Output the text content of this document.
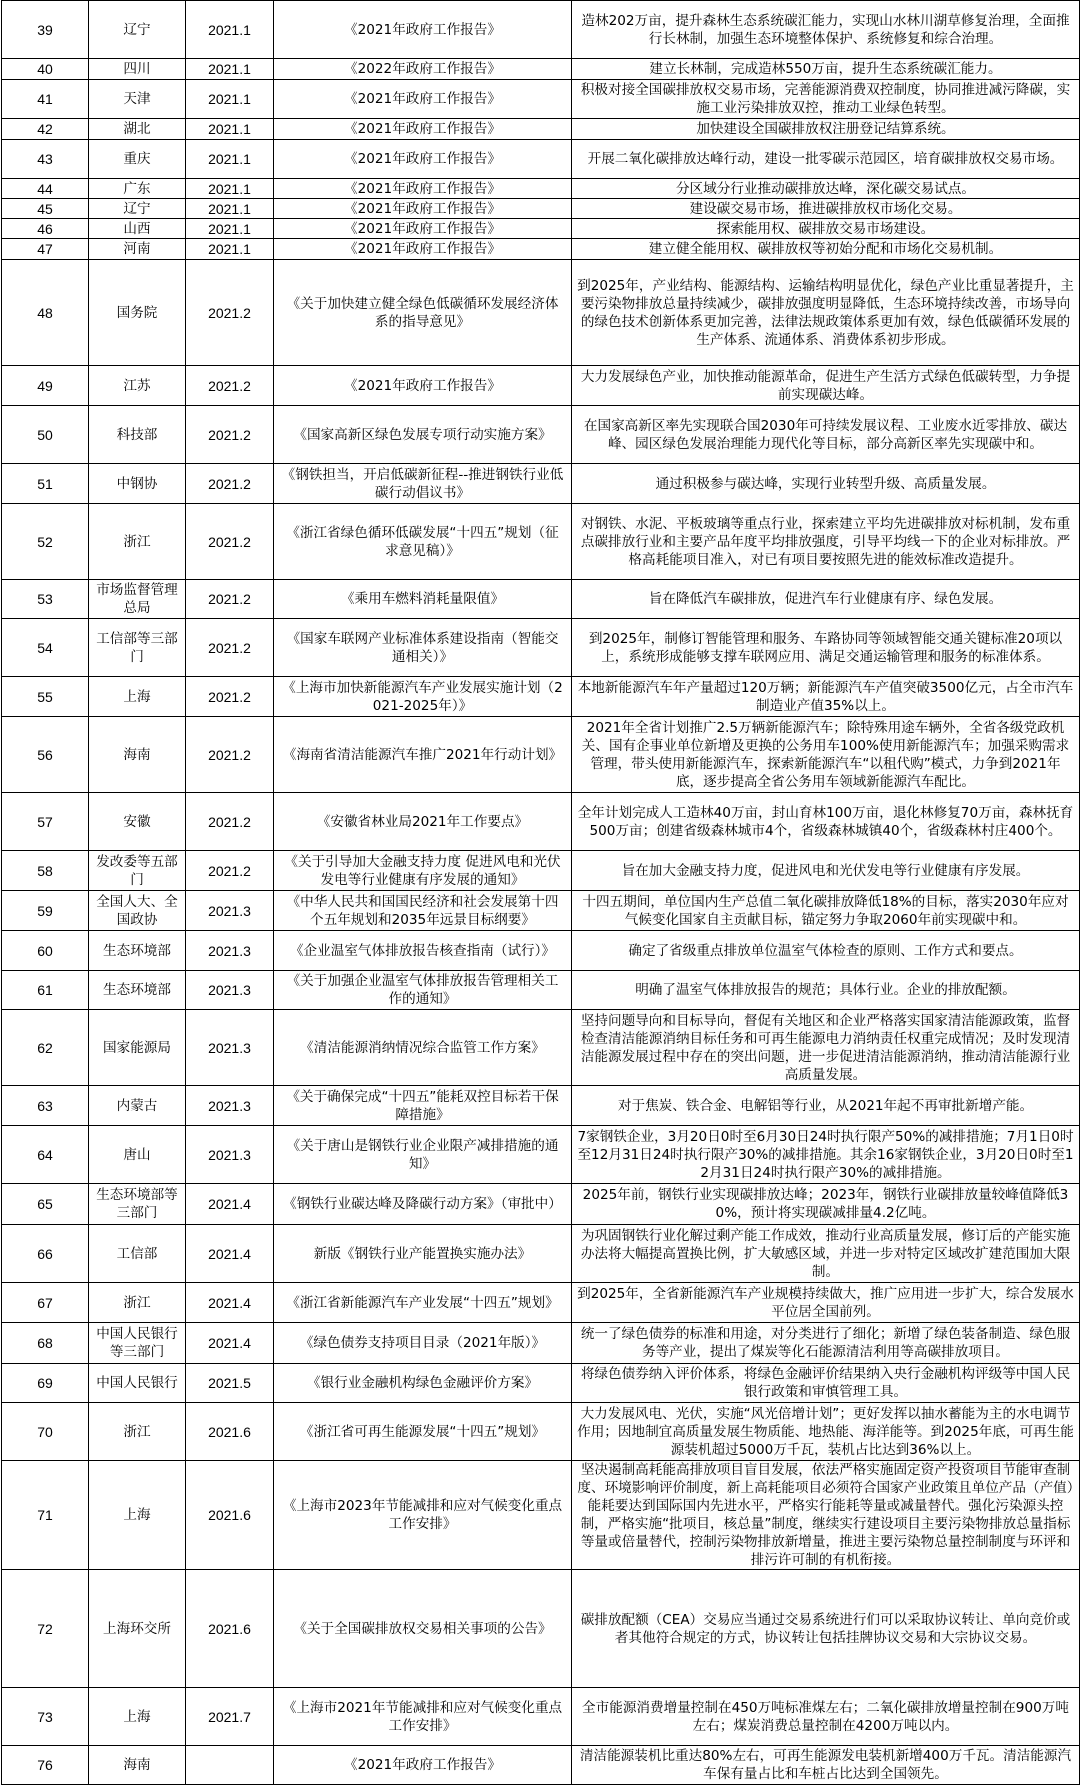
39	辽宁	2021.1	《2021年政府工作报告》	造林202万亩，提升森林生态系统碳汇能力，实现山水林川湖草修复治理，全面推行长林制，加强生态环境整体保护、系统修复和综合治理。
40	四川	2021.1	《2022年政府工作报告》	建立长林制，完成造林550万亩，提升生态系统碳汇能力。
41	天津	2021.1	《2021年政府工作报告》	积极对接全国碳排放权交易市场，完善能源消费双控制度，协同推进减污降碳，实施工业污染排放双控，推动工业绿色转型。
42	湖北	2021.1	《2021年政府工作报告》	加快建设全国碳排放权注册登记结算系统。
43	重庆	2021.1	《2021年政府工作报告》	开展二氧化碳排放达峰行动，建设一批零碳示范园区，培育碳排放权交易市场。
44	广东	2021.1	《2021年政府工作报告》	分区域分行业推动碳排放达峰，深化碳交易试点。
45	辽宁	2021.1	《2021年政府工作报告》	建设碳交易市场，推进碳排放权市场化交易。
46	山西	2021.1	《2021年政府工作报告》	探索能用权、碳排放交易市场建设。
47	河南	2021.1	《2021年政府工作报告》	建立健全能用权、碳排放权等初始分配和市场化交易机制。
48	国务院	2021.2	《关于加快建立健全绿色低碳循环发展经济体系的指导意见》	到2025年，产业结构、能源结构、运输结构明显优化，绿色产业比重显著提升，主要污染物排放总量持续减少，碳排放强度明显降低，生态环境持续改善，市场导向的绿色技术创新体系更加完善，法律法规政策体系更加有效，绿色低碳循环发展的生产体系、流通体系、消费体系初步形成。
49	江苏	2021.2	《2021年政府工作报告》	大力发展绿色产业，加快推动能源革命，促进生产生活方式绿色低碳转型，力争提前实现碳达峰。
50	科技部	2021.2	《国家高新区绿色发展专项行动实施方案》	在国家高新区率先实现联合国2030年可持续发展议程、工业废水近零排放、碳达峰、园区绿色发展治理能力现代化等目标，部分高新区率先实现碳中和。
51	中钢协	2021.2	《钢铁担当，开启低碳新征程--推进钢铁行业低碳行动倡议书》	通过积极参与碳达峰，实现行业转型升级、高质量发展。
52	浙江	2021.2	《浙江省绿色循环低碳发展“十四五”规划（征求意见稿）》	对钢铁、水泥、平板玻璃等重点行业，探索建立平均先进碳排放对标机制，发布重点碳排放行业和主要产品年度平均排放强度，引导平均线一下的企业对标排放。严格高耗能项目准入，对已有项目要按照先进的能效标准改造提升。
53	市场监督管理总局	2021.2	《乘用车燃料消耗量限值》	旨在降低汽车碳排放，促进汽车行业健康有序、绿色发展。
54	工信部等三部门	2021.2	《国家车联网产业标准体系建设指南（智能交通相关）》	到2025年，制修订智能管理和服务、车路协同等领域智能交通关键标准20项以上，系统形成能够支撑车联网应用、满足交通运输管理和服务的标准体系。
55	上海	2021.2	《上海市加快新能源汽车产业发展实施计划（2021-2025年）》	本地新能源汽车年产量超过120万辆；新能源汽车产值突破3500亿元，占全市汽车制造业产值35%以上。
56	海南	2021.2	《海南省清洁能源汽车推广2021年行动计划》	2021年全省计划推广2.5万辆新能源汽车；除特殊用途车辆外，全省各级党政机关、国有企事业单位新增及更换的公务用车100%使用新能源汽车；加强采购需求管理，带头使用新能源汽车，探索新能源汽车“以租代购”模式，力争到2021年底，逐步提高全省公务用车领域新能源汽车配比。
57	安徽	2021.2	《安徽省林业局2021年工作要点》	全年计划完成人工造林40万亩，封山育林100万亩，退化林修复70万亩，森林抚育500万亩；创建省级森林城市4个，省级森林城镇40个，省级森林村庄400个。
58	发改委等五部门	2021.2	《关于引导加大金融支持力度 促进风电和光伏发电等行业健康有序发展的通知》	旨在加大金融支持力度，促进风电和光伏发电等行业健康有序发展。
59	全国人大、全国政协	2021.3	《中华人民共和国国民经济和社会发展第十四个五年规划和2035年远景目标纲要》	十四五期间，单位国内生产总值二氧化碳排放降低18%的目标，落实2030年应对气候变化国家自主贡献目标，锚定努力争取2060年前实现碳中和。
60	生态环境部	2021.3	《企业温室气体排放报告核查指南（试行）》	确定了省级重点排放单位温室气体检查的原则、工作方式和要点。
61	生态环境部	2021.3	《关于加强企业温室气体排放报告管理相关工作的通知》	明确了温室气体排放报告的规范；具体行业。企业的排放配额。
62	国家能源局	2021.3	《清洁能源消纳情况综合监管工作方案》	坚持问题导向和目标导向，督促有关地区和企业严格落实国家清洁能源政策，监督检查清洁能源消纳目标任务和可再生能源电力消纳责任权重完成情况；及时发现清洁能源发展过程中存在的突出问题，进一步促进清洁能源消纳，推动清洁能源行业高质量发展。
63	内蒙古	2021.3	《关于确保完成“十四五”能耗双控目标若干保障措施》	对于焦炭、铁合金、电解铝等行业，从2021年起不再审批新增产能。
64	唐山	2021.3	《关于唐山是钢铁行业企业限产减排措施的通知》	7家钢铁企业，3月20日0时至6月30日24时执行限产50%的减排措施；7月1日0时至12月31日24时执行限产30%的减排措施。其余16家钢铁企业，3月20日0时至12月31日24时执行限产30%的减排措施。
65	生态环境部等三部门	2021.4	《钢铁行业碳达峰及降碳行动方案》（审批中）	2025年前，钢铁行业实现碳排放达峰；2023年，钢铁行业碳排放量较峰值降低30%，预计将实现碳减排量4.2亿吨。
66	工信部	2021.4	新版《钢铁行业产能置换实施办法》	为巩固钢铁行业化解过剩产能工作成效，推动行业高质量发展，修订后的产能实施办法将大幅提高置换比例，扩大敏感区域，并进一步对特定区域改扩建范围加大限制。
67	浙江	2021.4	《浙江省新能源汽车产业发展“十四五”规划》	到2025年，全省新能源汽车产业规模持续做大，推广应用进一步扩大，综合发展水平位居全国前列。
68	中国人民银行等三部门	2021.4	《绿色债券支持项目目录（2021年版）》	统一了绿色债券的标准和用途，对分类进行了细化；新增了绿色装备制造、绿色服务等产业，提出了煤炭等化石能源清洁利用等高碳排放项目。
69	中国人民银行	2021.5	《银行业金融机构绿色金融评价方案》	将绿色债券纳入评价体系，将绿色金融评价结果纳入央行金融机构评级等中国人民银行政策和审慎管理工具。
70	浙江	2021.6	《浙江省可再生能源发展“十四五”规划》	大力发展风电、光伏，实施“风光倍增计划”；更好发挥以抽水蓄能为主的水电调节作用；因地制宜高质量发展生物质能、地热能、海洋能等。到2025年底，可再生能源装机超过5000万千瓦，装机占比达到36%以上。
71	上海	2021.6	《上海市2023年节能减排和应对气候变化重点工作安排》	坚决遏制高耗能高排放项目盲目发展，依法严格实施固定资产投资项目节能审查制度、环境影响评价制度，新上高耗能项目必须符合国家产业政策且单位产品（产值）能耗要达到国际国内先进水平，严格实行能耗等量或减量替代。强化污染源头控制，严格实施“批项目，核总量”制度，继续实行建设项目主要污染物排放总量指标等量或倍量替代，控制污染物排放新增量，推进主要污染物总量控制制度与环评和排污许可制的有机衔接。
72	上海环交所	2021.6	《关于全国碳排放权交易相关事项的公告》	碳排放配额（CEA）交易应当通过交易系统进行们可以采取协议转让、单向竞价或者其他符合规定的方式，协议转让包括挂牌协议交易和大宗协议交易。
73	上海	2021.7	《上海市2021年节能减排和应对气候变化重点工作安排》	全市能源消费增量控制在450万吨标准煤左右；二氧化碳排放增量控制在900万吨左右；煤炭消费总量控制在4200万吨以内。
76	海南		《2021年政府工作报告》	清洁能源装机比重达80%左右，可再生能源发电装机新增400万千瓦。清洁能源汽车保有量占比和车桩占比达到全国领先。
